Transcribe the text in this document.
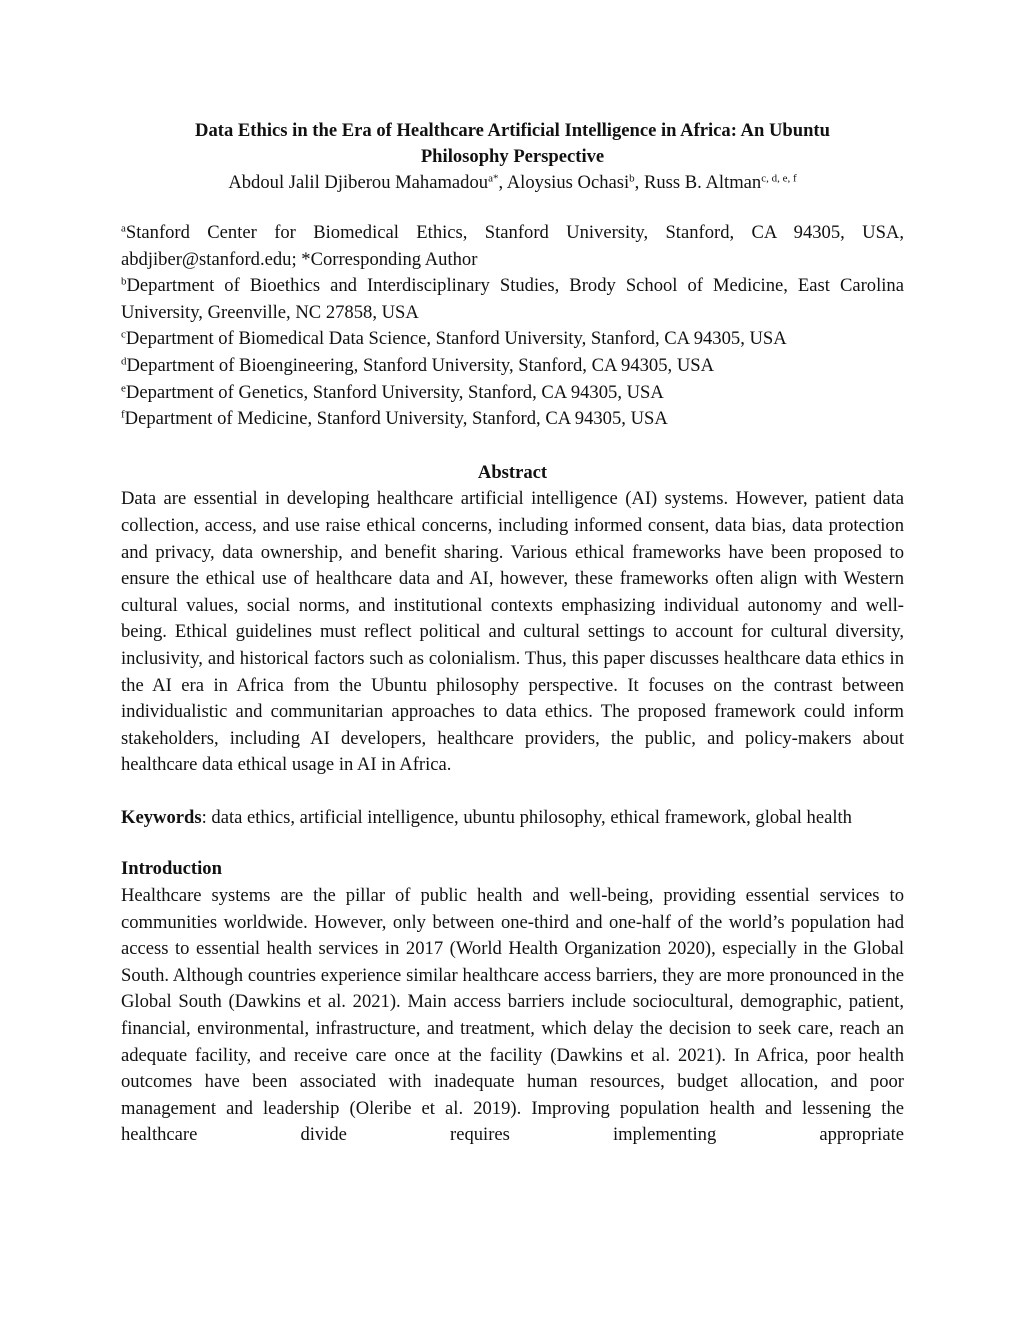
Data Ethics in the Era of Healthcare Artificial Intelligence in Africa: An Ubuntu Philosophy Perspective
Abdoul Jalil Djiberou Mahamadou$^{a*}$, Aloysius Ochasi$^b$, Russ B. Altman$^{c, d, e, f}$

$^a$Stanford Center for Biomedical Ethics, Stanford University, Stanford, CA 94305, USA, abdjiber@stanford.edu; *Corresponding Author

$^b$Department of Bioethics and Interdisciplinary Studies, Brody School of Medicine, East Carolina University, Greenville, NC 27858, USA

$^c$Department of Biomedical Data Science, Stanford University, Stanford, CA 94305, USA

$^d$Department of Bioengineering, Stanford University, Stanford, CA 94305, USA

$^e$Department of Genetics, Stanford University, Stanford, CA 94305, USA

$^f$Department of Medicine, Stanford University, Stanford, CA 94305, USA

Abstract

Data are essential in developing healthcare artificial intelligence (AI) systems. However, patient data collection, access, and use raise ethical concerns, including informed consent, data bias, data protection and privacy, data ownership, and benefit sharing. Various ethical frameworks have been proposed to ensure the ethical use of healthcare data and AI, however, these frameworks often align with Western cultural values, social norms, and institutional contexts emphasizing individual autonomy and well-being. Ethical guidelines must reflect political and cultural settings to account for cultural diversity, inclusivity, and historical factors such as colonialism. Thus, this paper discusses healthcare data ethics in the AI era in Africa from the Ubuntu philosophy perspective. It focuses on the contrast between individualistic and communitarian approaches to data ethics. The proposed framework could inform stakeholders, including AI developers, healthcare providers, the public, and policy-makers about healthcare data ethical usage in AI in Africa.

Keywords: data ethics, artificial intelligence, ubuntu philosophy, ethical framework, global health

Introduction

Healthcare systems are the pillar of public health and well-being, providing essential services to communities worldwide. However, only between one-third and one-half of the world’s population had access to essential health services in 2017 (World Health Organization 2020), especially in the Global South. Although countries experience similar healthcare access barriers, they are more pronounced in the Global South (Dawkins et al. 2021). Main access barriers include sociocultural, demographic, patient, financial, environmental, infrastructure, and treatment, which delay the decision to seek care, reach an adequate facility, and receive care once at the facility (Dawkins et al. 2021). In Africa, poor health outcomes have been associated with inadequate human resources, budget allocation, and poor management and leadership (Oleribe et al. 2019). Improving population health and lessening the healthcare divide requires implementing appropriate
